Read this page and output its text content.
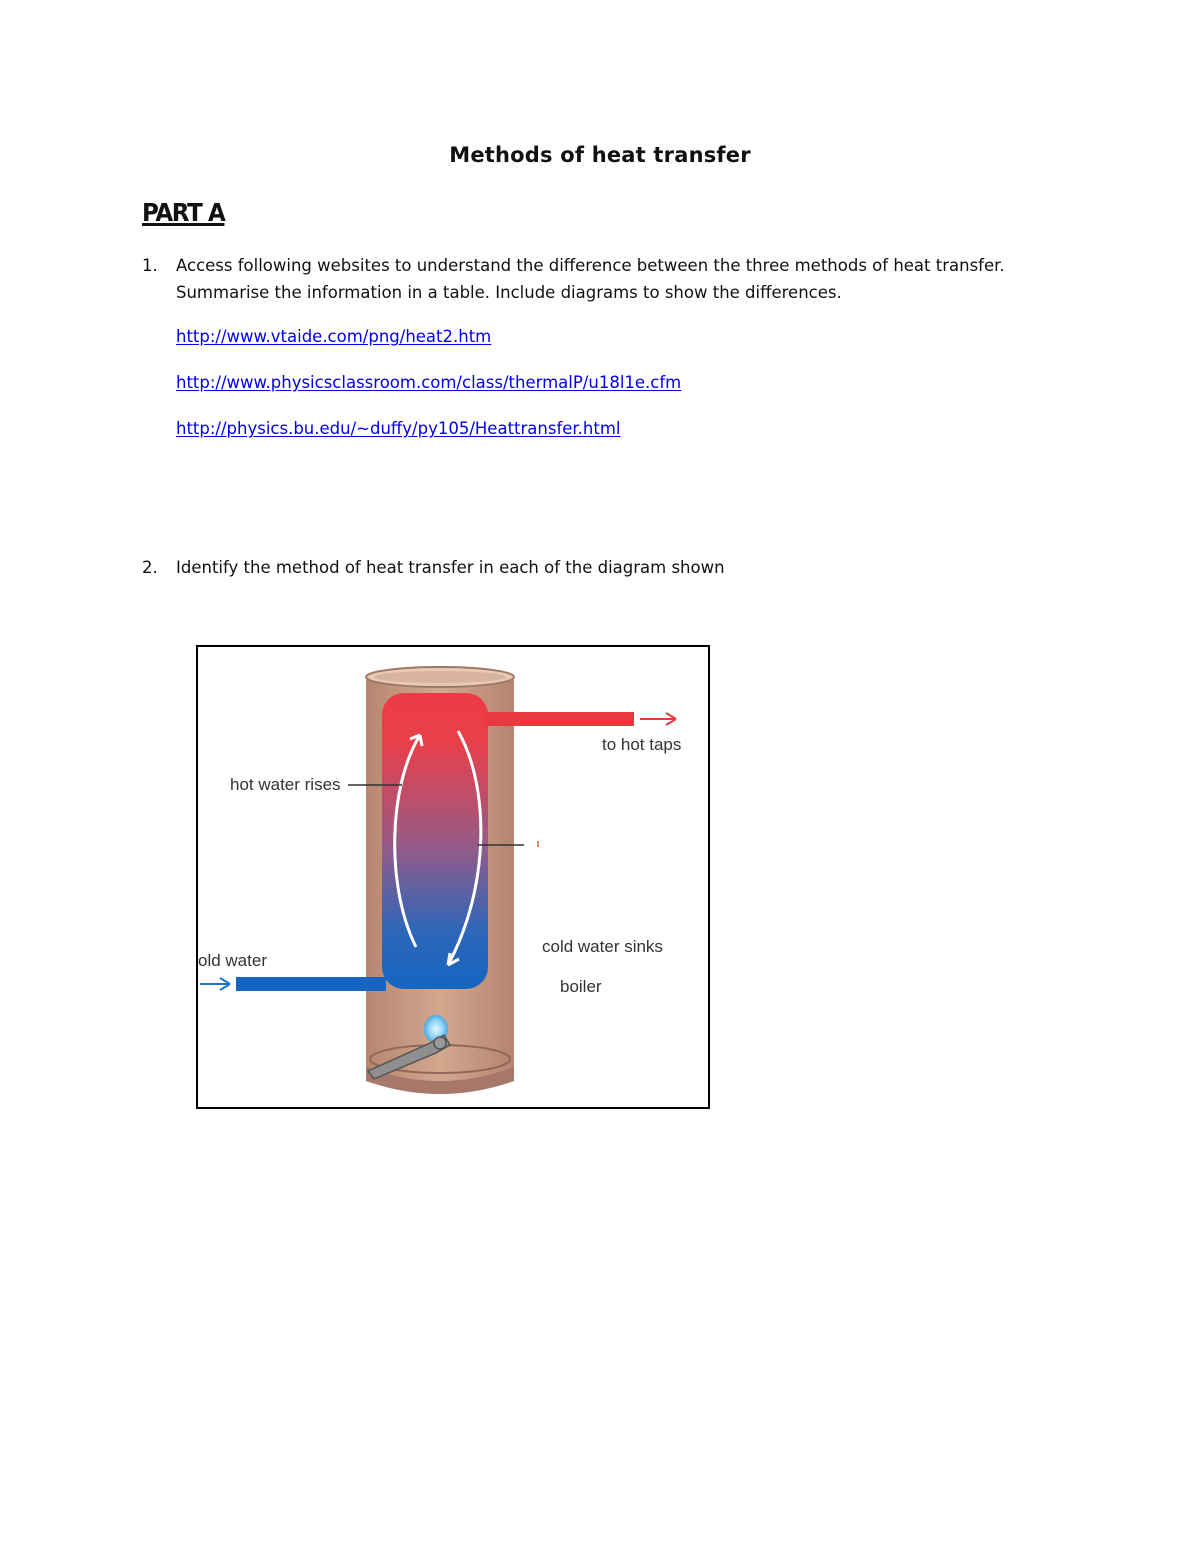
Methods of heat transfer
PART A
1. Access following websites to understand the difference between the three methods of heat transfer.
Summarise the information in a table. Include diagrams to show the differences.
http://www.vtaide.com/png/heat2.htm
http://www.physicsclassroom.com/class/thermalP/u18l1e.cfm
http://physics.bu.edu/~duffy/py105/Heattransfer.html
2. Identify the method of heat transfer in each of the diagram shown
to hot taps
hot water rises
old water
cold water sinks
boiler
